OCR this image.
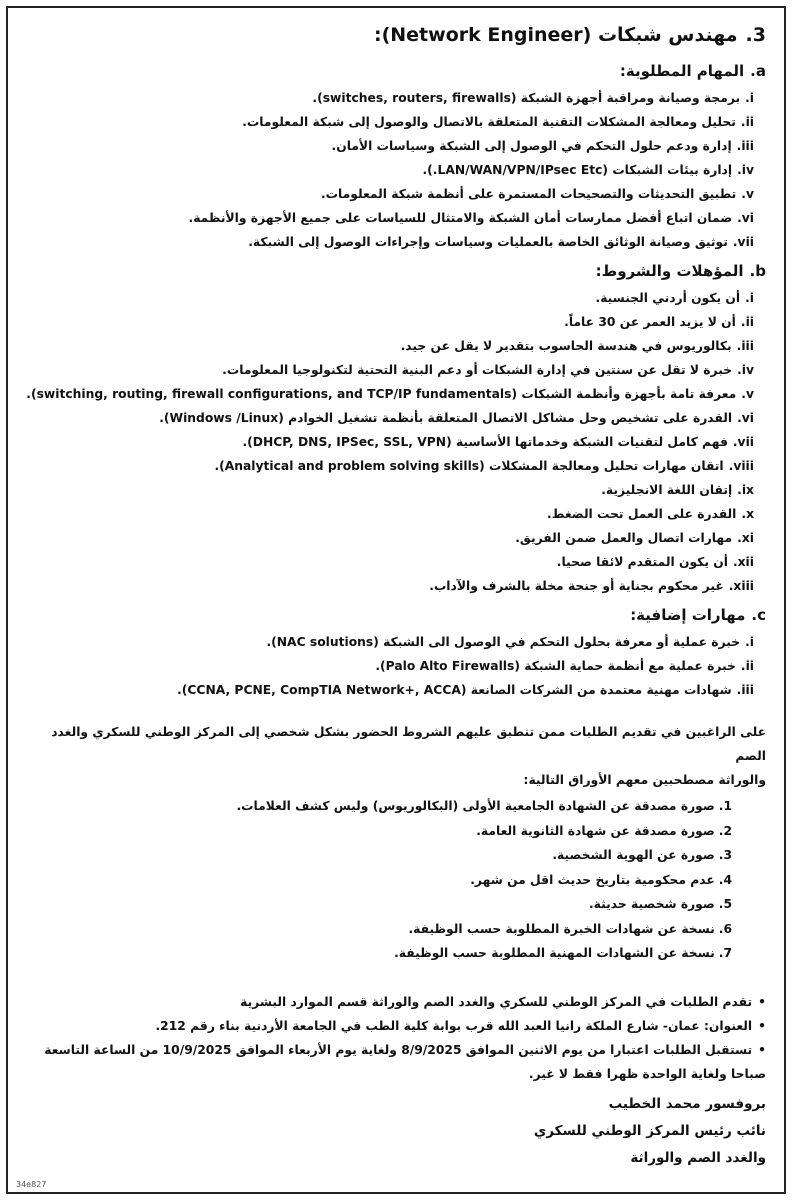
3.مهندس شبكات (Network Engineer):
a.المهام المطلوبة:
i.برمجة وصيانة ومراقبة أجهزة الشبكة (switches, routers, firewalls).
ii.تحليل ومعالجة المشكلات التقنية المتعلقة بالاتصال والوصول إلى شبكة المعلومات.
iii.إدارة ودعم حلول التحكم في الوصول إلى الشبكة وسياسات الأمان.
iv.إدارة بيئات الشبكات (LAN/WAN/VPN/IPsec Etc.).
v.تطبيق التحديثات والتصحيحات المستمرة على أنظمة شبكة المعلومات.
vi.ضمان اتباع أفضل ممارسات أمان الشبكة والامتثال للسياسات على جميع الأجهزة والأنظمة.
vii.توثيق وصيانة الوثائق الخاصة بالعمليات وسياسات وإجراءات الوصول إلى الشبكة.
b.المؤهلات والشروط:
i.أن يكون أردني الجنسية.
ii.أن لا يزيد العمر عن 30 عاماً.
iii.بكالوريوس في هندسة الحاسوب بتقدير لا يقل عن جيد.
iv.خبرة لا تقل عن سنتين في إدارة الشبكات أو دعم البنية التحتية لتكنولوجيا المعلومات.
v.معرفة تامة بأجهزة وأنظمة الشبكات (switching, routing, firewall configurations, and TCP/IP fundamentals).
vi.القدرة على تشخيص وحل مشاكل الاتصال المتعلقة بأنظمة تشغيل الخوادم (Windows /Linux).
vii.فهم كامل لتقنيات الشبكة وخدماتها الأساسية (DHCP, DNS, IPSec, SSL, VPN).
viii.اتقان مهارات تحليل ومعالجة المشكلات (Analytical and problem solving skills).
ix.إتقان اللغة الانجليزية.
x.القدرة على العمل تحت الضغط.
xi.مهارات اتصال والعمل ضمن الفريق.
xii.أن يكون المتقدم لائقا صحيا.
xiii.غير محكوم بجناية أو جنحة مخلة بالشرف والآداب.
c.مهارات إضافية:
i.خبرة عملية أو معرفة بحلول التحكم في الوصول الى الشبكة (NAC solutions).
ii.خبرة عملية مع أنظمة حماية الشبكة (Palo Alto Firewalls).
iii.شهادات مهنية معتمدة من الشركات الصانعة (CCNA, PCNE, CompTIA Network+, ACCA).

على الراغبين في تقديم الطلبات ممن تنطبق عليهم الشروط الحضور بشكل شخصي إلى المركز الوطني للسكري والغدد الصم

والوراثة مصطحبين معهم الأوراق التالية:

1.صورة مصدقة عن الشهادة الجامعية الأولى (البكالوريوس) وليس كشف العلامات.
2.صورة مصدقة عن شهادة الثانوية العامة.
3.صورة عن الهوية الشخصية.
4.عدم محكومية بتاريخ حديث اقل من شهر.
5.صورة شخصية حديثة.
6.نسخة عن شهادات الخبرة المطلوبة حسب الوظيفة.
7.نسخة عن الشهادات المهنية المطلوبة حسب الوظيفة.

•تقدم الطلبات في المركز الوطني للسكري والغدد الصم والوراثة قسم الموارد البشرية

•العنوان: عمان- شارع الملكة رانيا العبد الله قرب بوابة كلية الطب في الجامعة الأردنية بناء رقم 212.

•تستقبل الطلبات اعتبارا من يوم الاثنين الموافق 8/9/2025 ولغاية يوم الأربعاء الموافق 10/9/2025 من الساعة التاسعة

صباحا ولغاية الواحدة ظهرا فقط لا غير.

بروفسور محمد الخطيب
نائب رئيس المركز الوطني للسكري
والغدد الصم والوراثة
34e827
